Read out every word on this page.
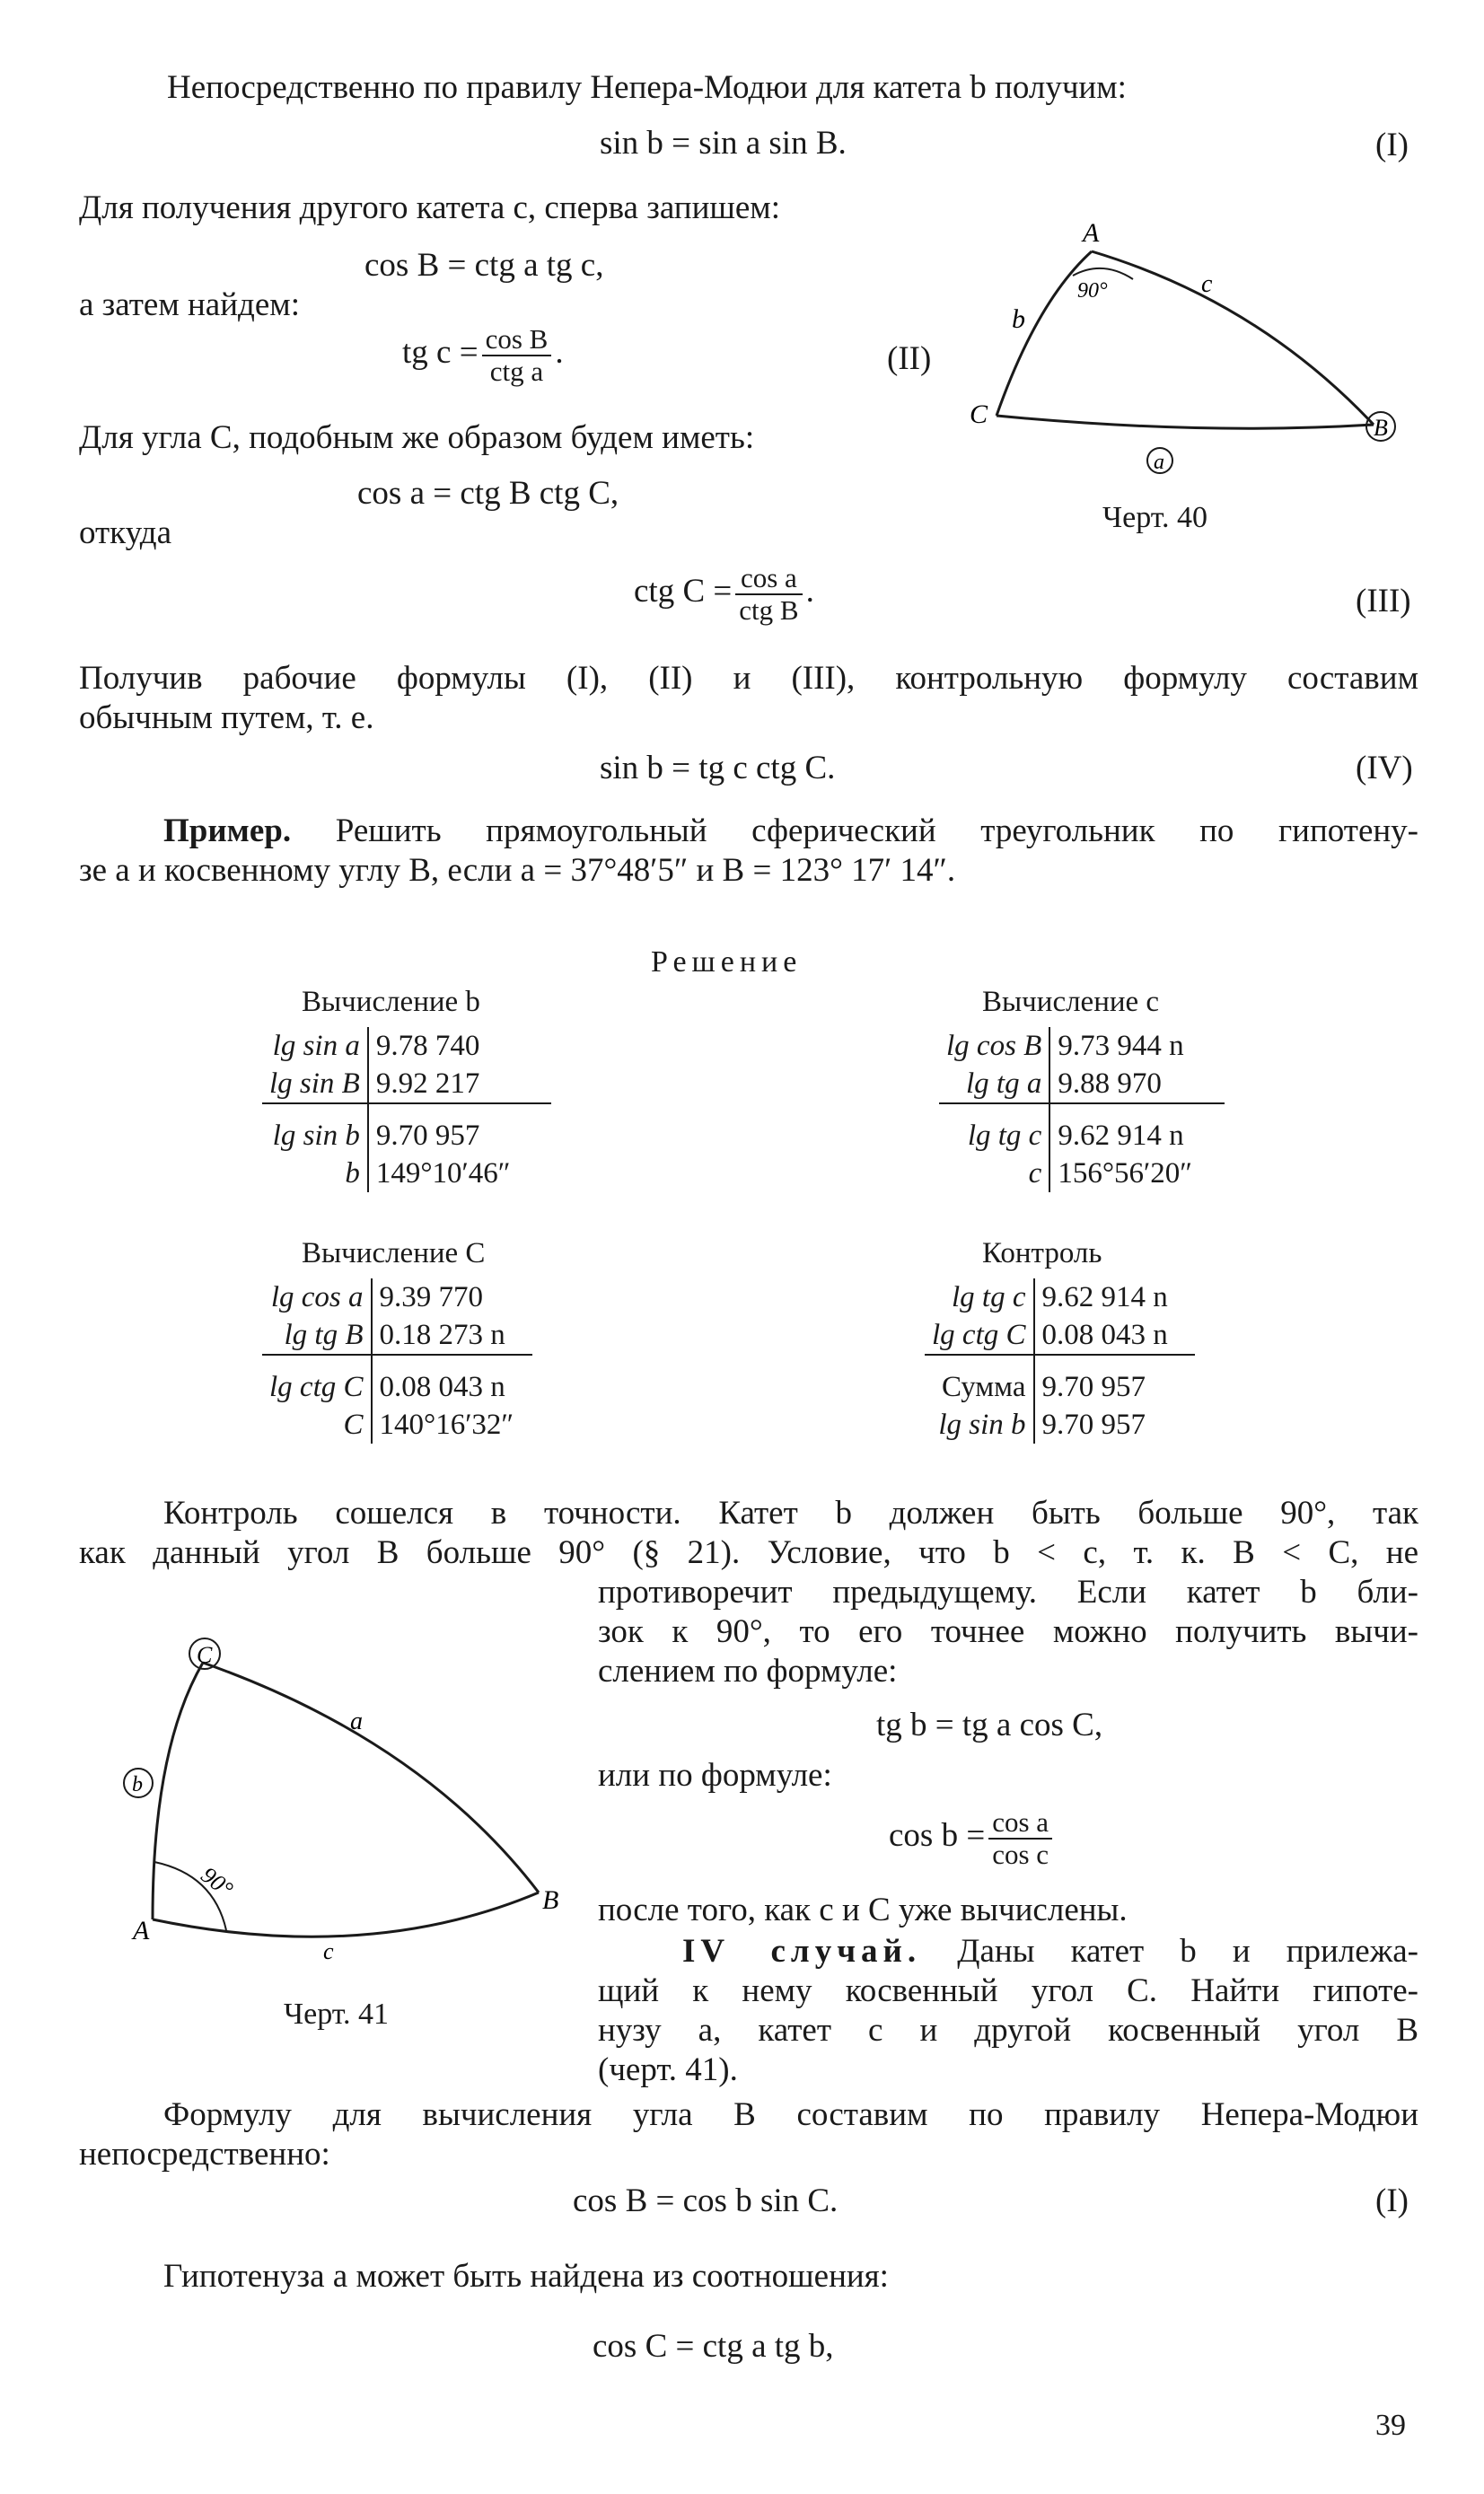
Непосредственно по правилу Непера-Модюи для катета b получим:
sin b = sin a sin B.	(I)
Для получения другого катета c, сперва запишем:
cos B = ctg a tg c,
а затем найдем:
tg $c = \frac{\text{cos B}}{\text{ctg a}}$ .	(II)
Для угла C, подобным же образом будем иметь:
cos a = ctg B ctg C,
откуда
ctg $C = \frac{\text{cos a}}{\text{ctg B}}$ .	(III)
A
B
C
a
b
c
90°
Черт. 40
Получив рабочие формулы (I), (II) и (III), контрольную формулу составим
обычным путем, т. е.
sin b = tg c ctg C.	(IV)
Пример. Решить прямоугольный сферический треугольник по гипотену-
зе a и косвенному углу B, если a = 37°48′5″ и B = 123° 17′ 14″.
Решение
Вычисление b
lg sin a	9.78 740
lg sin B	9.92 217
lg sin b	9.70 957
b	149°10′46″
Вычисление c
lg cos B	9.73 944 n
lg tg a	9.88 970
lg tg c	9.62 914 n
c	156°56′20″
Вычисление C
lg cos a	9.39 770
lg tg B	0.18 273 n
lg ctg C	0.08 043 n
C	140°16′32″
Контроль
lg tg c	9.62 914 n
lg ctg C	0.08 043 n
Сумма	9.70 957
lg sin b	9.70 957
Контроль сошелся в точности. Катет b должен быть больше 90°, так
как данный угол B больше 90° (§ 21). Условие, что b < c, т. к. B < C, не
противоречит предыдущему. Если катет b бли-
зок к 90°, то его точнее можно получить вычи-
слением по формуле:
tg b = tg a cos C,
или по формуле:
$\cos b = \frac{\text{cos a}}{\text{cos c}}$
после того, как c и C уже вычислены.
IV случай. Даны катет b и прилежа-
щий к нему косвенный угол C. Найти гипоте-
нузу a, катет c и другой косвенный угол B
(черт. 41).
C
b
a
A
B
c
90°
Черт. 41
Формулу для вычисления угла B составим по правилу Непера-Модюи
непосредственно:
cos B = cos b sin C.	(I)
Гипотенуза a может быть найдена из соотношения:
cos C = ctg a tg b,
39
